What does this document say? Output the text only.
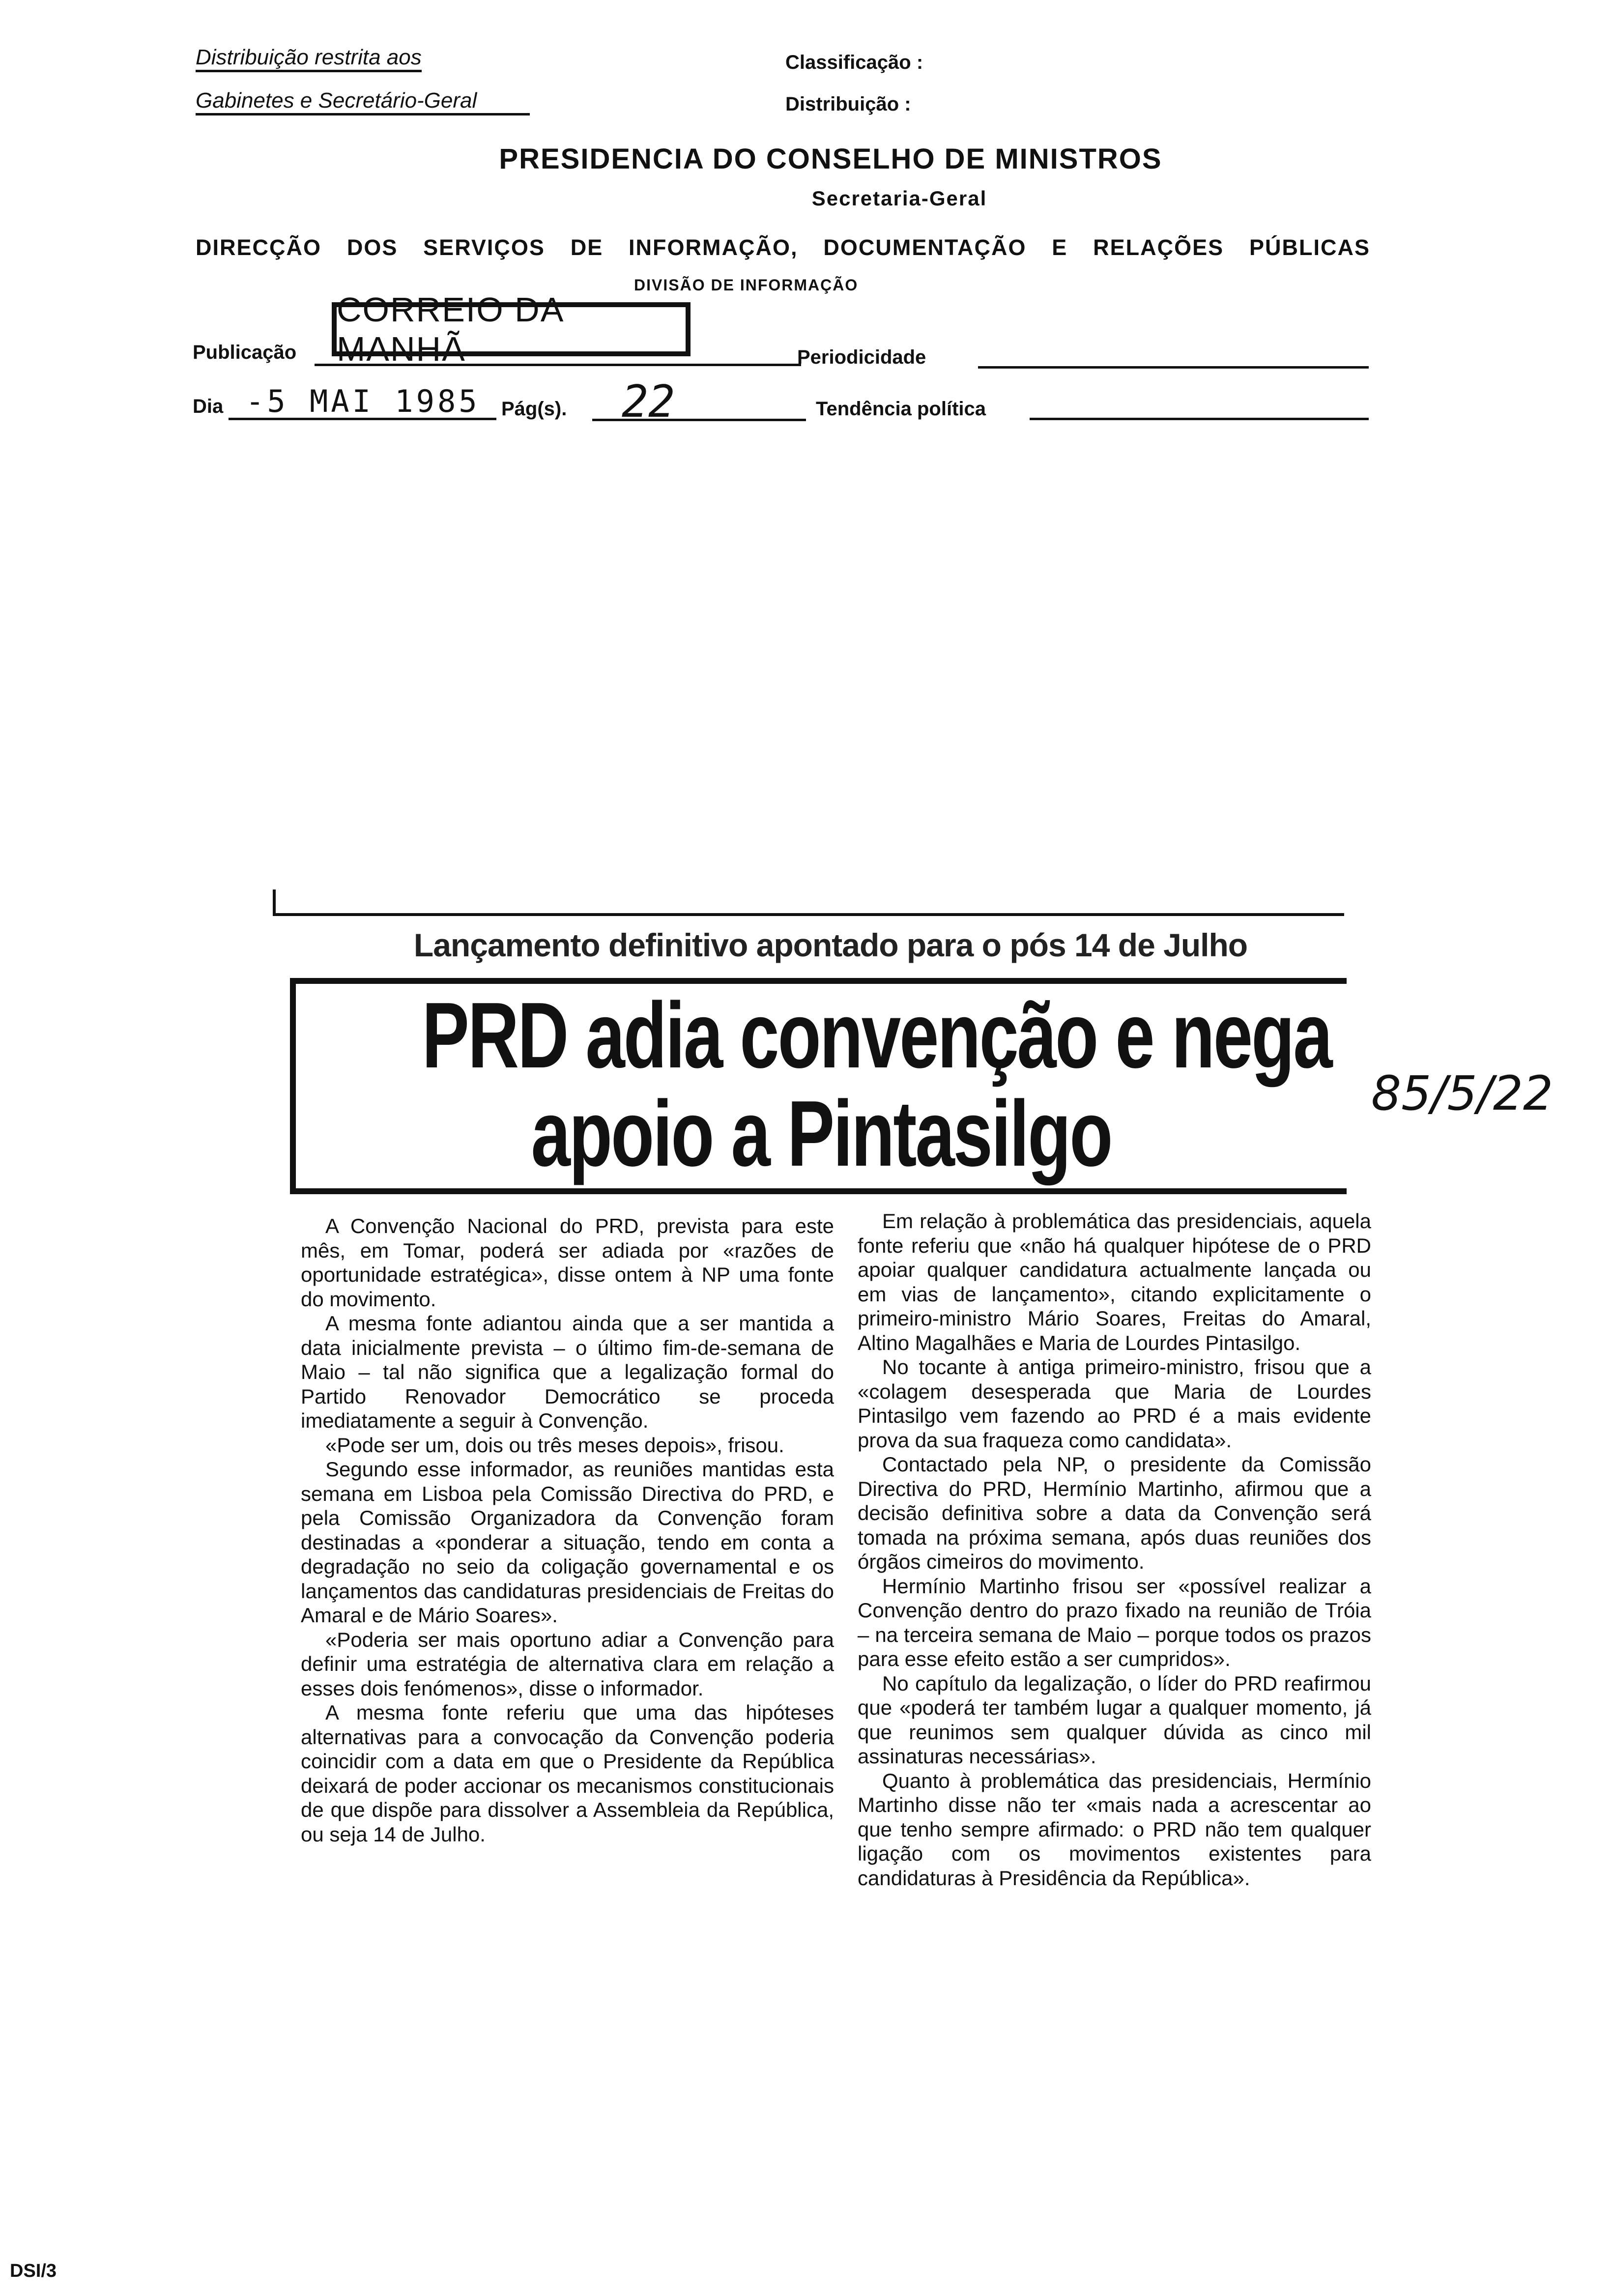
Distribuição restrita aos
Gabinetes e Secretário-Geral
Classificação :
Distribuição :
PRESIDENCIA DO CONSELHO DE MINISTROS
Secretaria-Geral
DIRECÇÃO DOS SERVIÇOS DE INFORMAÇÃO, DOCUMENTAÇÃO E RELAÇÕES PÚBLICAS
DIVISÃO DE INFORMAÇÃO
Publicação
CORREIO DA MANHÃ	Periodicidade
Dia -5 MAI 1985 Pág(s). 22	Tendência política
Lançamento definitivo apontado para o pós 14 de Julho
PRD adia convenção e nega
apoio a Pintasilgo	85/5/22

A Convenção Nacional do PRD, prevista para este mês, em Tomar, poderá ser adiada por «razões de oportunidade estratégica», disse ontem à NP uma fonte do movimento.

A mesma fonte adiantou ainda que a ser mantida a data inicialmente prevista – o último fim-de-semana de Maio – tal não significa que a legalização formal do Partido Renovador Democrático se proceda imediatamente a seguir à Convenção.

«Pode ser um, dois ou três meses depois», frisou.

Segundo esse informador, as reuniões mantidas esta semana em Lisboa pela Comissão Directiva do PRD, e pela Comissão Organizadora da Convenção foram destinadas a «ponderar a situação, tendo em conta a degradação no seio da coligação governamental e os lançamentos das candidaturas presidenciais de Freitas do Amaral e de Mário Soares».

«Poderia ser mais oportuno adiar a Convenção para definir uma estratégia de alternativa clara em relação a esses dois fenómenos», disse o informador.

A mesma fonte referiu que uma das hipóteses alternativas para a convocação da Convenção poderia coincidir com a data em que o Presidente da República deixará de poder accionar os mecanismos constitucionais de que dispõe para dissolver a Assembleia da República, ou seja 14 de Julho.

Em relação à problemática das presidenciais, aquela fonte referiu que «não há qualquer hipótese de o PRD apoiar qualquer candidatura actualmente lançada ou em vias de lançamento», citando explicitamente o primeiro-ministro Mário Soares, Freitas do Amaral, Altino Magalhães e Maria de Lourdes Pintasilgo.

No tocante à antiga primeiro-ministro, frisou que a «colagem desesperada que Maria de Lourdes Pintasilgo vem fazendo ao PRD é a mais evidente prova da sua fraqueza como candidata».

Contactado pela NP, o presidente da Comissão Directiva do PRD, Hermínio Martinho, afirmou que a decisão definitiva sobre a data da Convenção será tomada na próxima semana, após duas reuniões dos órgãos cimeiros do movimento.

Hermínio Martinho frisou ser «possível realizar a Convenção dentro do prazo fixado na reunião de Tróia – na terceira semana de Maio – porque todos os prazos para esse efeito estão a ser cumpridos».

No capítulo da legalização, o líder do PRD reafirmou que «poderá ter também lugar a qualquer momento, já que reunimos sem qualquer dúvida as cinco mil assinaturas necessárias».

Quanto à problemática das presidenciais, Hermínio Martinho disse não ter «mais nada a acrescentar ao que tenho sempre afirmado: o PRD não tem qualquer ligação com os movimentos existentes para candidaturas à Presidência da República».

DSI/3
